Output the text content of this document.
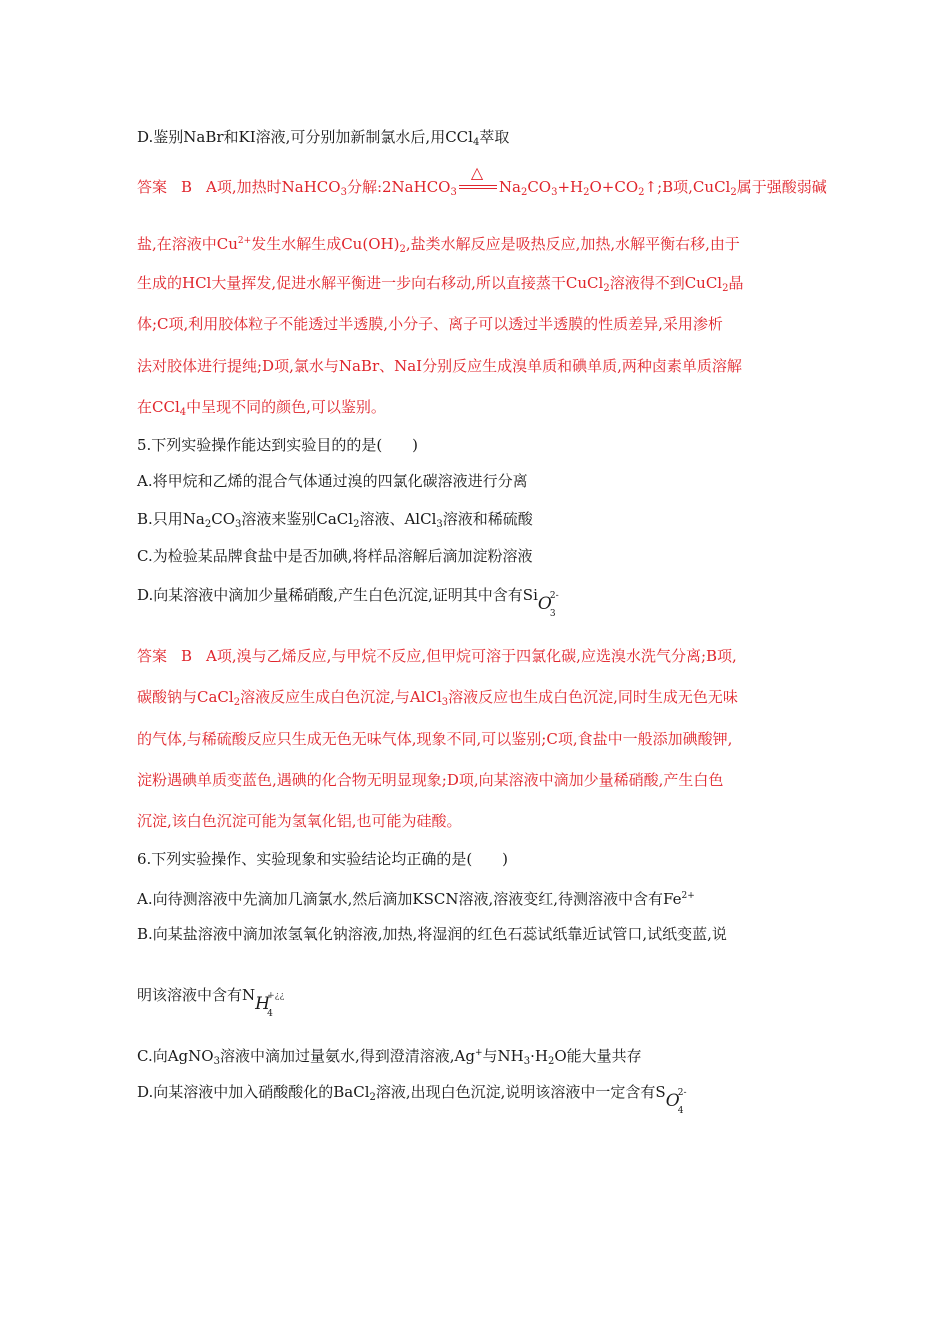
D.鉴别NaBr和KI溶液,可分别加新制氯水后,用CCl$_4$萃取
答案 B A项,加热时NaHCO$_3$分解:2NaHCO$_3$
△
$Na_2CO_3+H_2O+CO_2↑;B$项,CuCl$_2$属于强酸弱碱
盐,在溶液中$Cu^{2+}$发生水解生成$Cu(OH)_2$,盐类水解反应是吸热反应,加热,水解平衡右移,由于
生成的HCl大量挥发,促进水解平衡进一步向右移动,所以直接蒸干CuCl$_2$溶液得不到CuCl$_2$晶
体;C项,利用胶体粒子不能透过半透膜,小分子、离子可以透过半透膜的性质差异,采用渗析
法对胶体进行提纯;D项,氯水与NaBr、NaI分别反应生成溴单质和碘单质,两种卤素单质溶解
在CCl$_4$中呈现不同的颜色,可以鉴别。
5.下列实验操作能达到实验目的的是(　　)
A.将甲烷和乙烯的混合气体通过溴的四氯化碳溶液进行分离
B.只用$Na_2CO_3$溶液来鉴别CaCl$_2$溶液、AlCl$_3$溶液和稀硫酸
C.为检验某品牌食盐中是否加碘,将样品溶解后滴加淀粉溶液
D.向某溶液中滴加少量稀硝酸,产生白色沉淀,证明其中含有Si O
3
2-
答案 B A项,溴与乙烯反应,与甲烷不反应,但甲烷可溶于四氯化碳,应选溴水洗气分离;B项,
碳酸钠与CaCl$_2$溶液反应生成白色沉淀,与AlCl$_3$溶液反应也生成白色沉淀,同时生成无色无味
的气体,与稀硫酸反应只生成无色无味气体,现象不同,可以鉴别;C项,食盐中一般添加碘酸钾,
淀粉遇碘单质变蓝色,遇碘的化合物无明显现象;D项,向某溶液中滴加少量稀硝酸,产生白色
沉淀,该白色沉淀可能为氢氧化铝,也可能为硅酸。
6.下列实验操作、实验现象和实验结论均正确的是(　　)
A.向待测溶液中先滴加几滴氯水,然后滴加KSCN溶液,溶液变红,待测溶液中含有$Fe^{2+}$
B.向某盐溶液中滴加浓氢氧化钠溶液,加热,将湿润的红色石蕊试纸靠近试管口,试纸变蓝,说
明该溶液中含有N H
4
+¿¿
C.向AgNO$_3$溶液中滴加过量氨水,得到澄清溶液,Ag+与$NH_3\cdot H_2O$能大量共存
D.向某溶液中加入硝酸酸化的BaCl$_2$溶液,出现白色沉淀,说明该溶液中一定含有S O
4
2-
